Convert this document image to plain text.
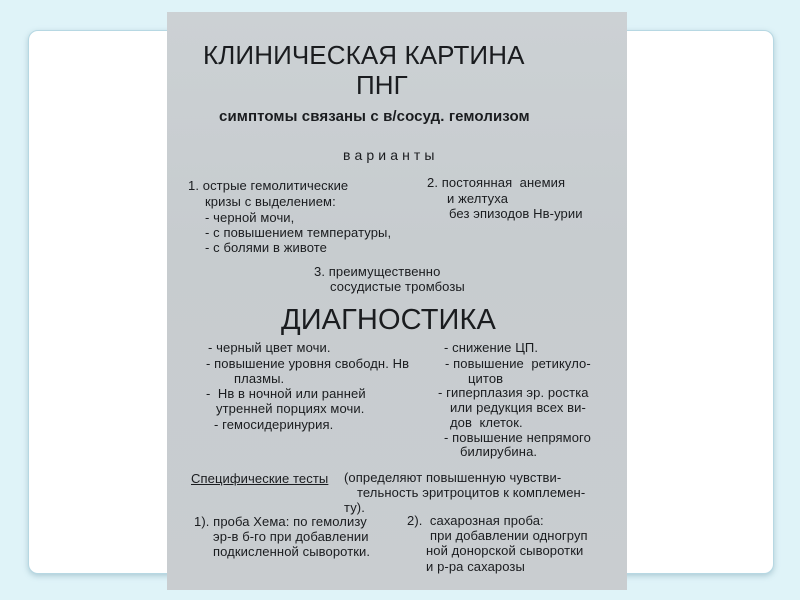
КЛИНИЧЕСКАЯ КАРТИНА
ПНГ
симптомы связаны с в/сосуд. гемолизом
в а р и а н т ы
1. острые гемолитические
кризы с выделением:
- черной мочи,
- с повышением температуры,
- с болями в животе
2. постоянная  анемия
и желтуха
без эпизодов Нв-урии
3. преимущественно
сосудистые тромбозы
ДИАГНОСТИКА
- черный цвет мочи.
- повышение уровня свободн. Нв
плазмы.
-  Нв в ночной или ранней
утренней порциях мочи.
- гемосидеринурия.
- снижение ЦП.
- повышение  ретикуло-
цитов
- гиперплазия эр. ростка
или редукция всех ви-
дов  клеток.
- повышение непрямого
билирубина.
Специфические тесты (определяют повышенную чувстви-
тельность эритроцитов к комплемен-
ту).
1). проба Хема: по гемолизу
эр-в б-го при добавлении
подкисленной сыворотки.
2).  сахарозная проба:
при добавлении одногруп
ной донорской сыворотки
и р-ра сахарозы
